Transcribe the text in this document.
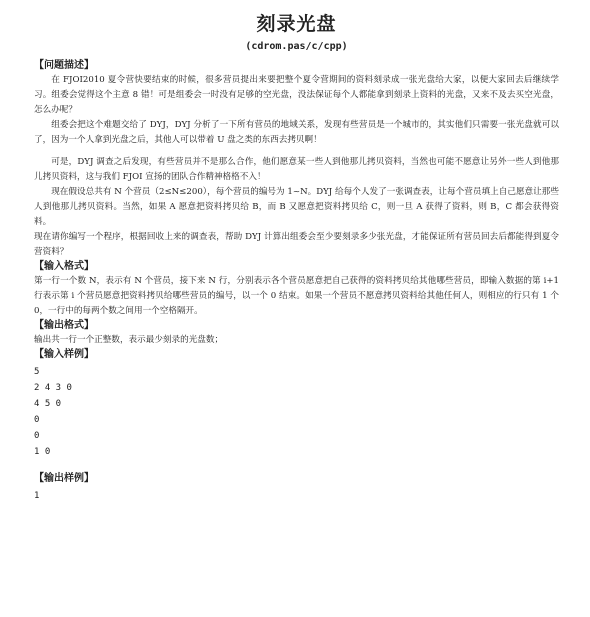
刻录光盘
(cdrom.pas/c/cpp)
【问题描述】

在 FJOI2010 夏令营快要结束的时候，很多营员提出来要把整个夏令营期间的资料刻录成一张光盘给大家，以便大家回去后继续学习。组委会觉得这个主意 8 错！可是组委会一时没有足够的空光盘，没法保证每个人都能拿到刻录上资料的光盘，又来不及去买空光盘，怎么办呢？

组委会把这个难题交给了 DYJ，DYJ 分析了一下所有营员的地域关系，发现有些营员是一个城市的，其实他们只需要一张光盘就可以了，因为一个人拿到光盘之后，其他人可以带着 U 盘之类的东西去拷贝啊！

可是，DYJ 调查之后发现，有些营员并不是那么合作，他们愿意某一些人到他那儿拷贝资料，当然也可能不愿意让另外一些人到他那儿拷贝资料，这与我们 FJOI 宣扬的团队合作精神格格不入！

现在假设总共有 N 个营员（2≤N≤200），每个营员的编号为 1~N。DYJ 给每个人发了一张调查表，让每个营员填上自己愿意让那些人到他那儿拷贝资料。当然，如果 A 愿意把资料拷贝给 B，而 B 又愿意把资料拷贝给 C，则一旦 A 获得了资料，则 B，C 都会获得资料。

现在请你编写一个程序，根据回收上来的调查表，帮助 DYJ 计算出组委会至少要刻录多少张光盘，才能保证所有营员回去后都能得到夏令营资料？

【输入格式】

第一行一个数 N，表示有 N 个营员，接下来 N 行，分别表示各个营员愿意把自己获得的资料拷贝给其他哪些营员，即输入数据的第 i+1 行表示第 i 个营员愿意把资料拷贝给哪些营员的编号，以一个 0 结束。如果一个营员不愿意拷贝资料给其他任何人，则相应的行只有 1 个 0，一行中的每两个数之间用一个空格隔开。

【输出格式】

输出共一行一个正整数，表示最少刻录的光盘数；

【输入样例】
5
2 4 3 0
4 5 0
0
0
1 0
【输出样例】
1
